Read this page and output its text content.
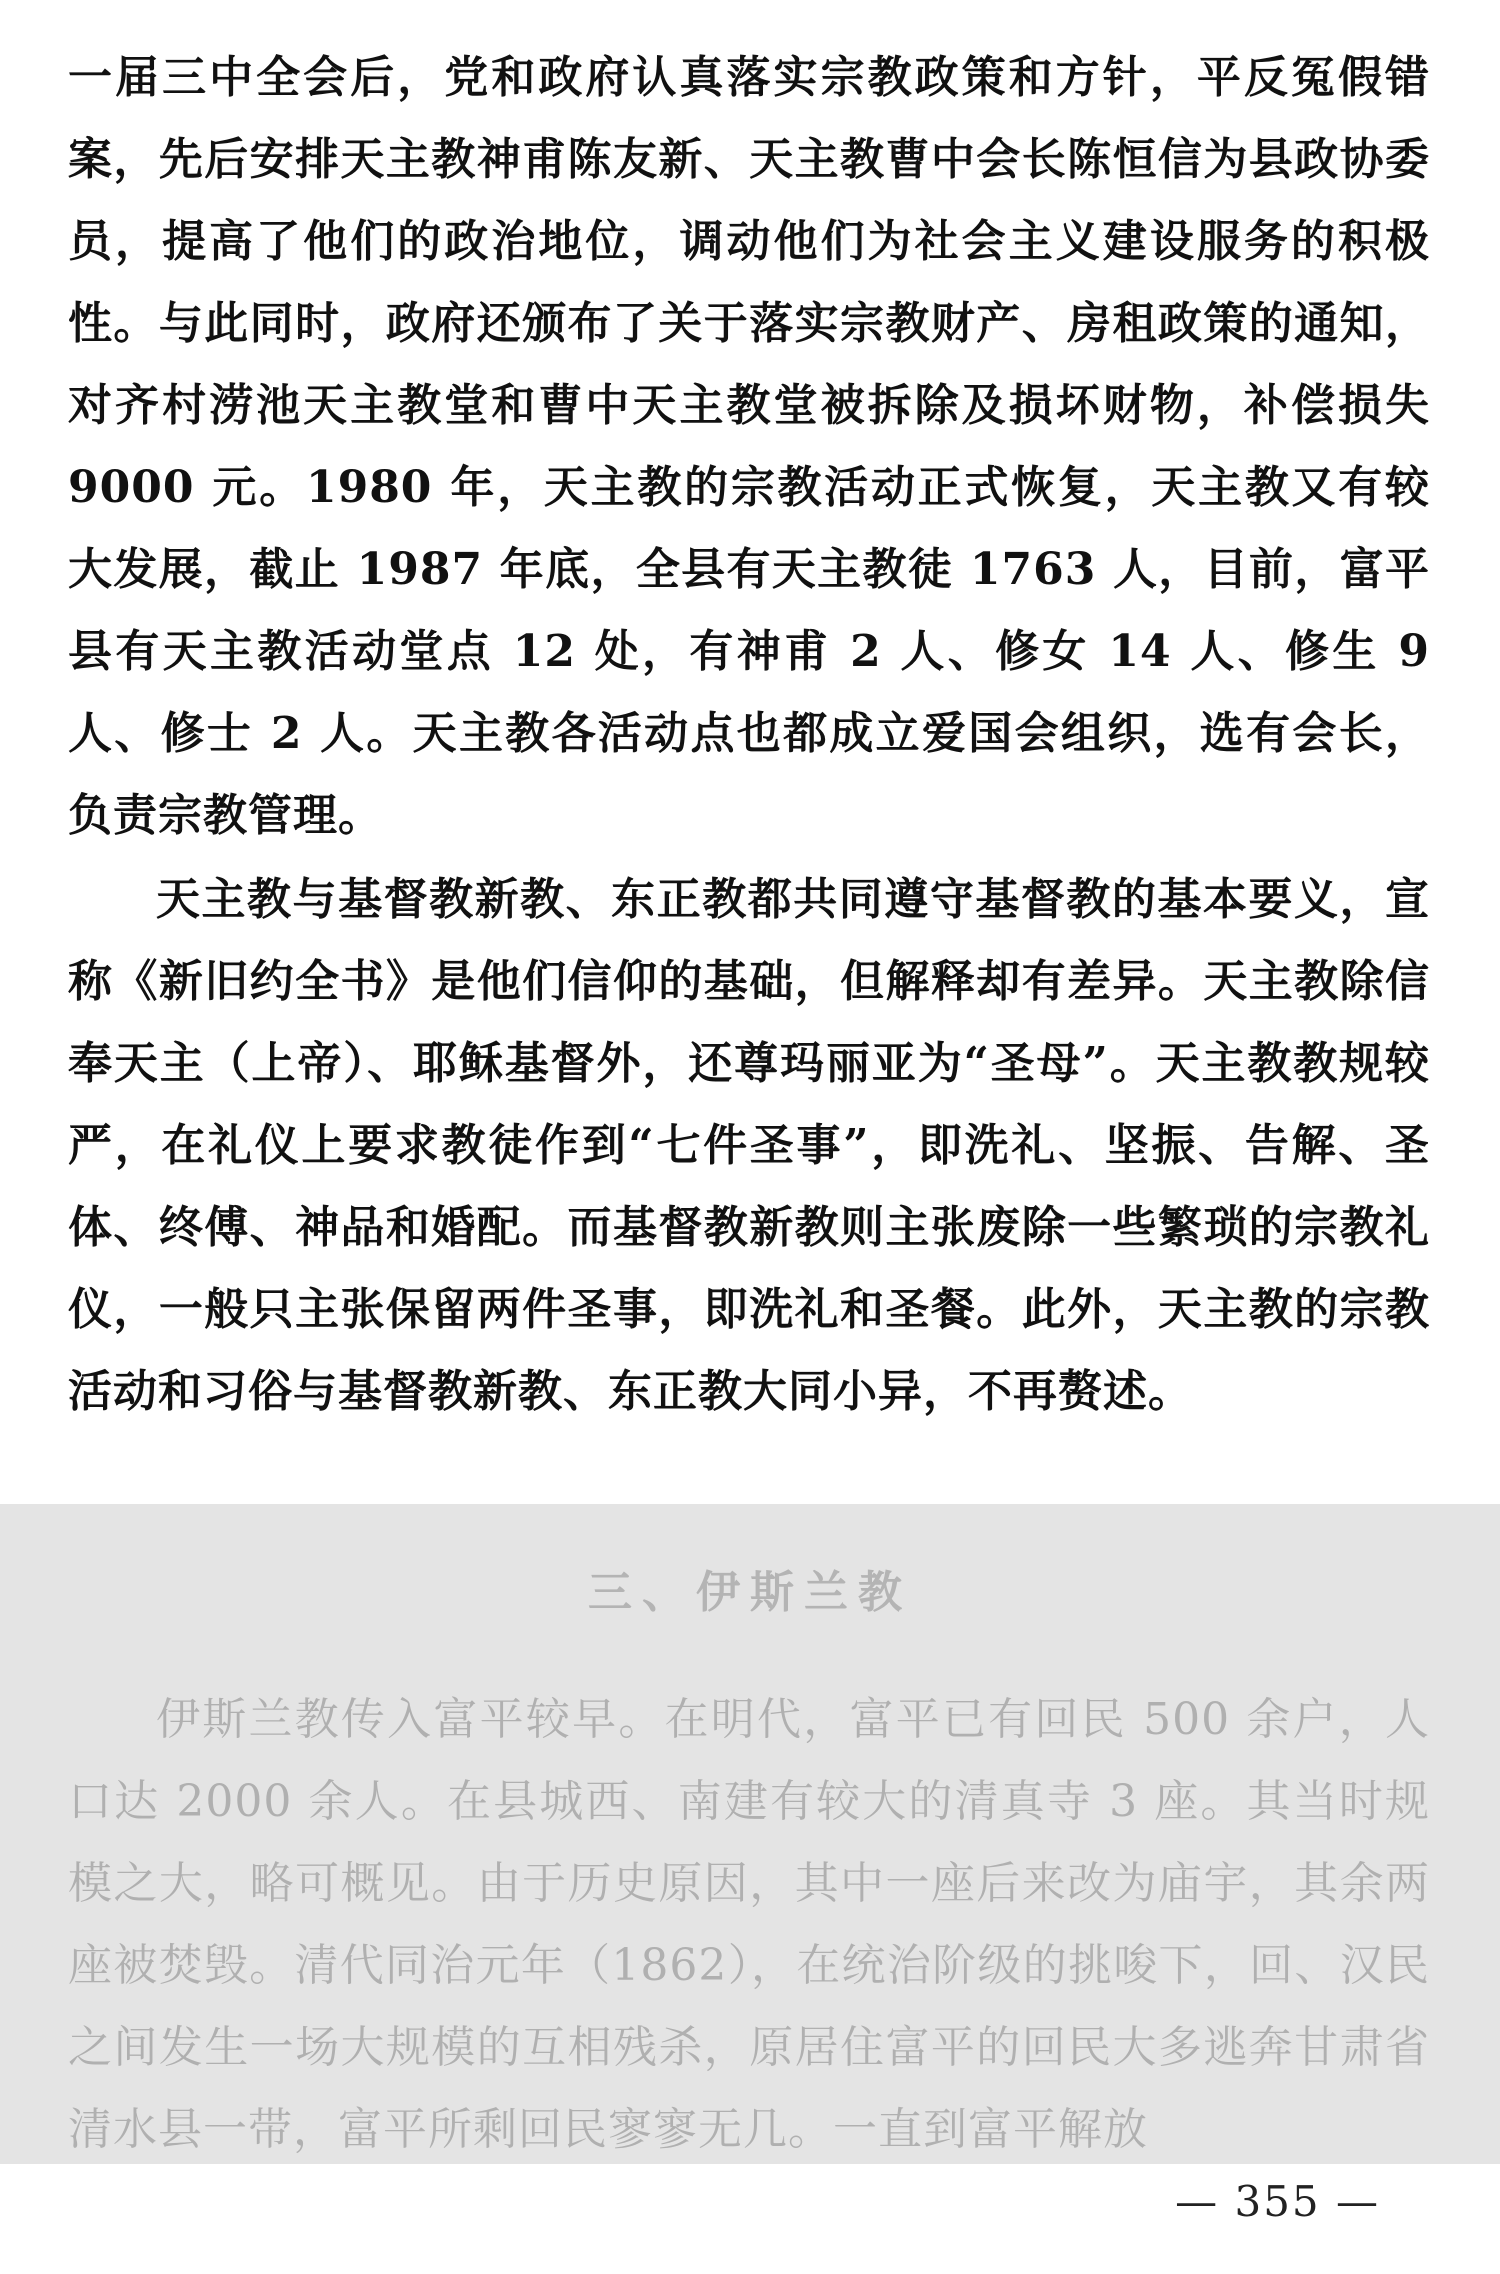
一届三中全会后，党和政府认真落实宗教政策和方针，平反冤假错案，先后安排天主教神甫陈友新、天主教曹中会长陈恒信为县政协委员，提高了他们的政治地位，调动他们为社会主义建设服务的积极性。与此同时，政府还颁布了关于落实宗教财产、房租政策的通知，对齐村涝池天主教堂和曹中天主教堂被拆除及损坏财物，补偿损失 9000 元。1980 年，天主教的宗教活动正式恢复，天主教又有较大发展，截止 1987 年底，全县有天主教徒 1763 人，目前，富平县有天主教活动堂点 12 处，有神甫 2 人、修女 14 人、修生 9 人、修士 2 人。天主教各活动点也都成立爱国会组织，选有会长，负责宗教管理。

天主教与基督教新教、东正教都共同遵守基督教的基本要义，宣称《新旧约全书》是他们信仰的基础，但解释却有差异。天主教除信奉天主（上帝）、耶稣基督外，还尊玛丽亚为“圣母”。天主教教规较严，在礼仪上要求教徒作到“七件圣事”，即洗礼、坚振、告解、圣体、终傅、神品和婚配。而基督教新教则主张废除一些繁琐的宗教礼仪，一般只主张保留两件圣事，即洗礼和圣餐。此外，天主教的宗教活动和习俗与基督教新教、东正教大同小异，不再赘述。

三、伊斯兰教

伊斯兰教传入富平较早。在明代，富平已有回民 500 余户，人口达 2000 余人。在县城西、南建有较大的清真寺 3 座。其当时规模之大，略可概见。由于历史原因，其中一座后来改为庙宇，其余两座被焚毁。清代同治元年（1862），在统治阶级的挑唆下，回、汉民之间发生一场大规模的互相残杀，原居住富平的回民大多逃奔甘肃省清水县一带，富平所剩回民寥寥无几。一直到富平解放

— 355 —
